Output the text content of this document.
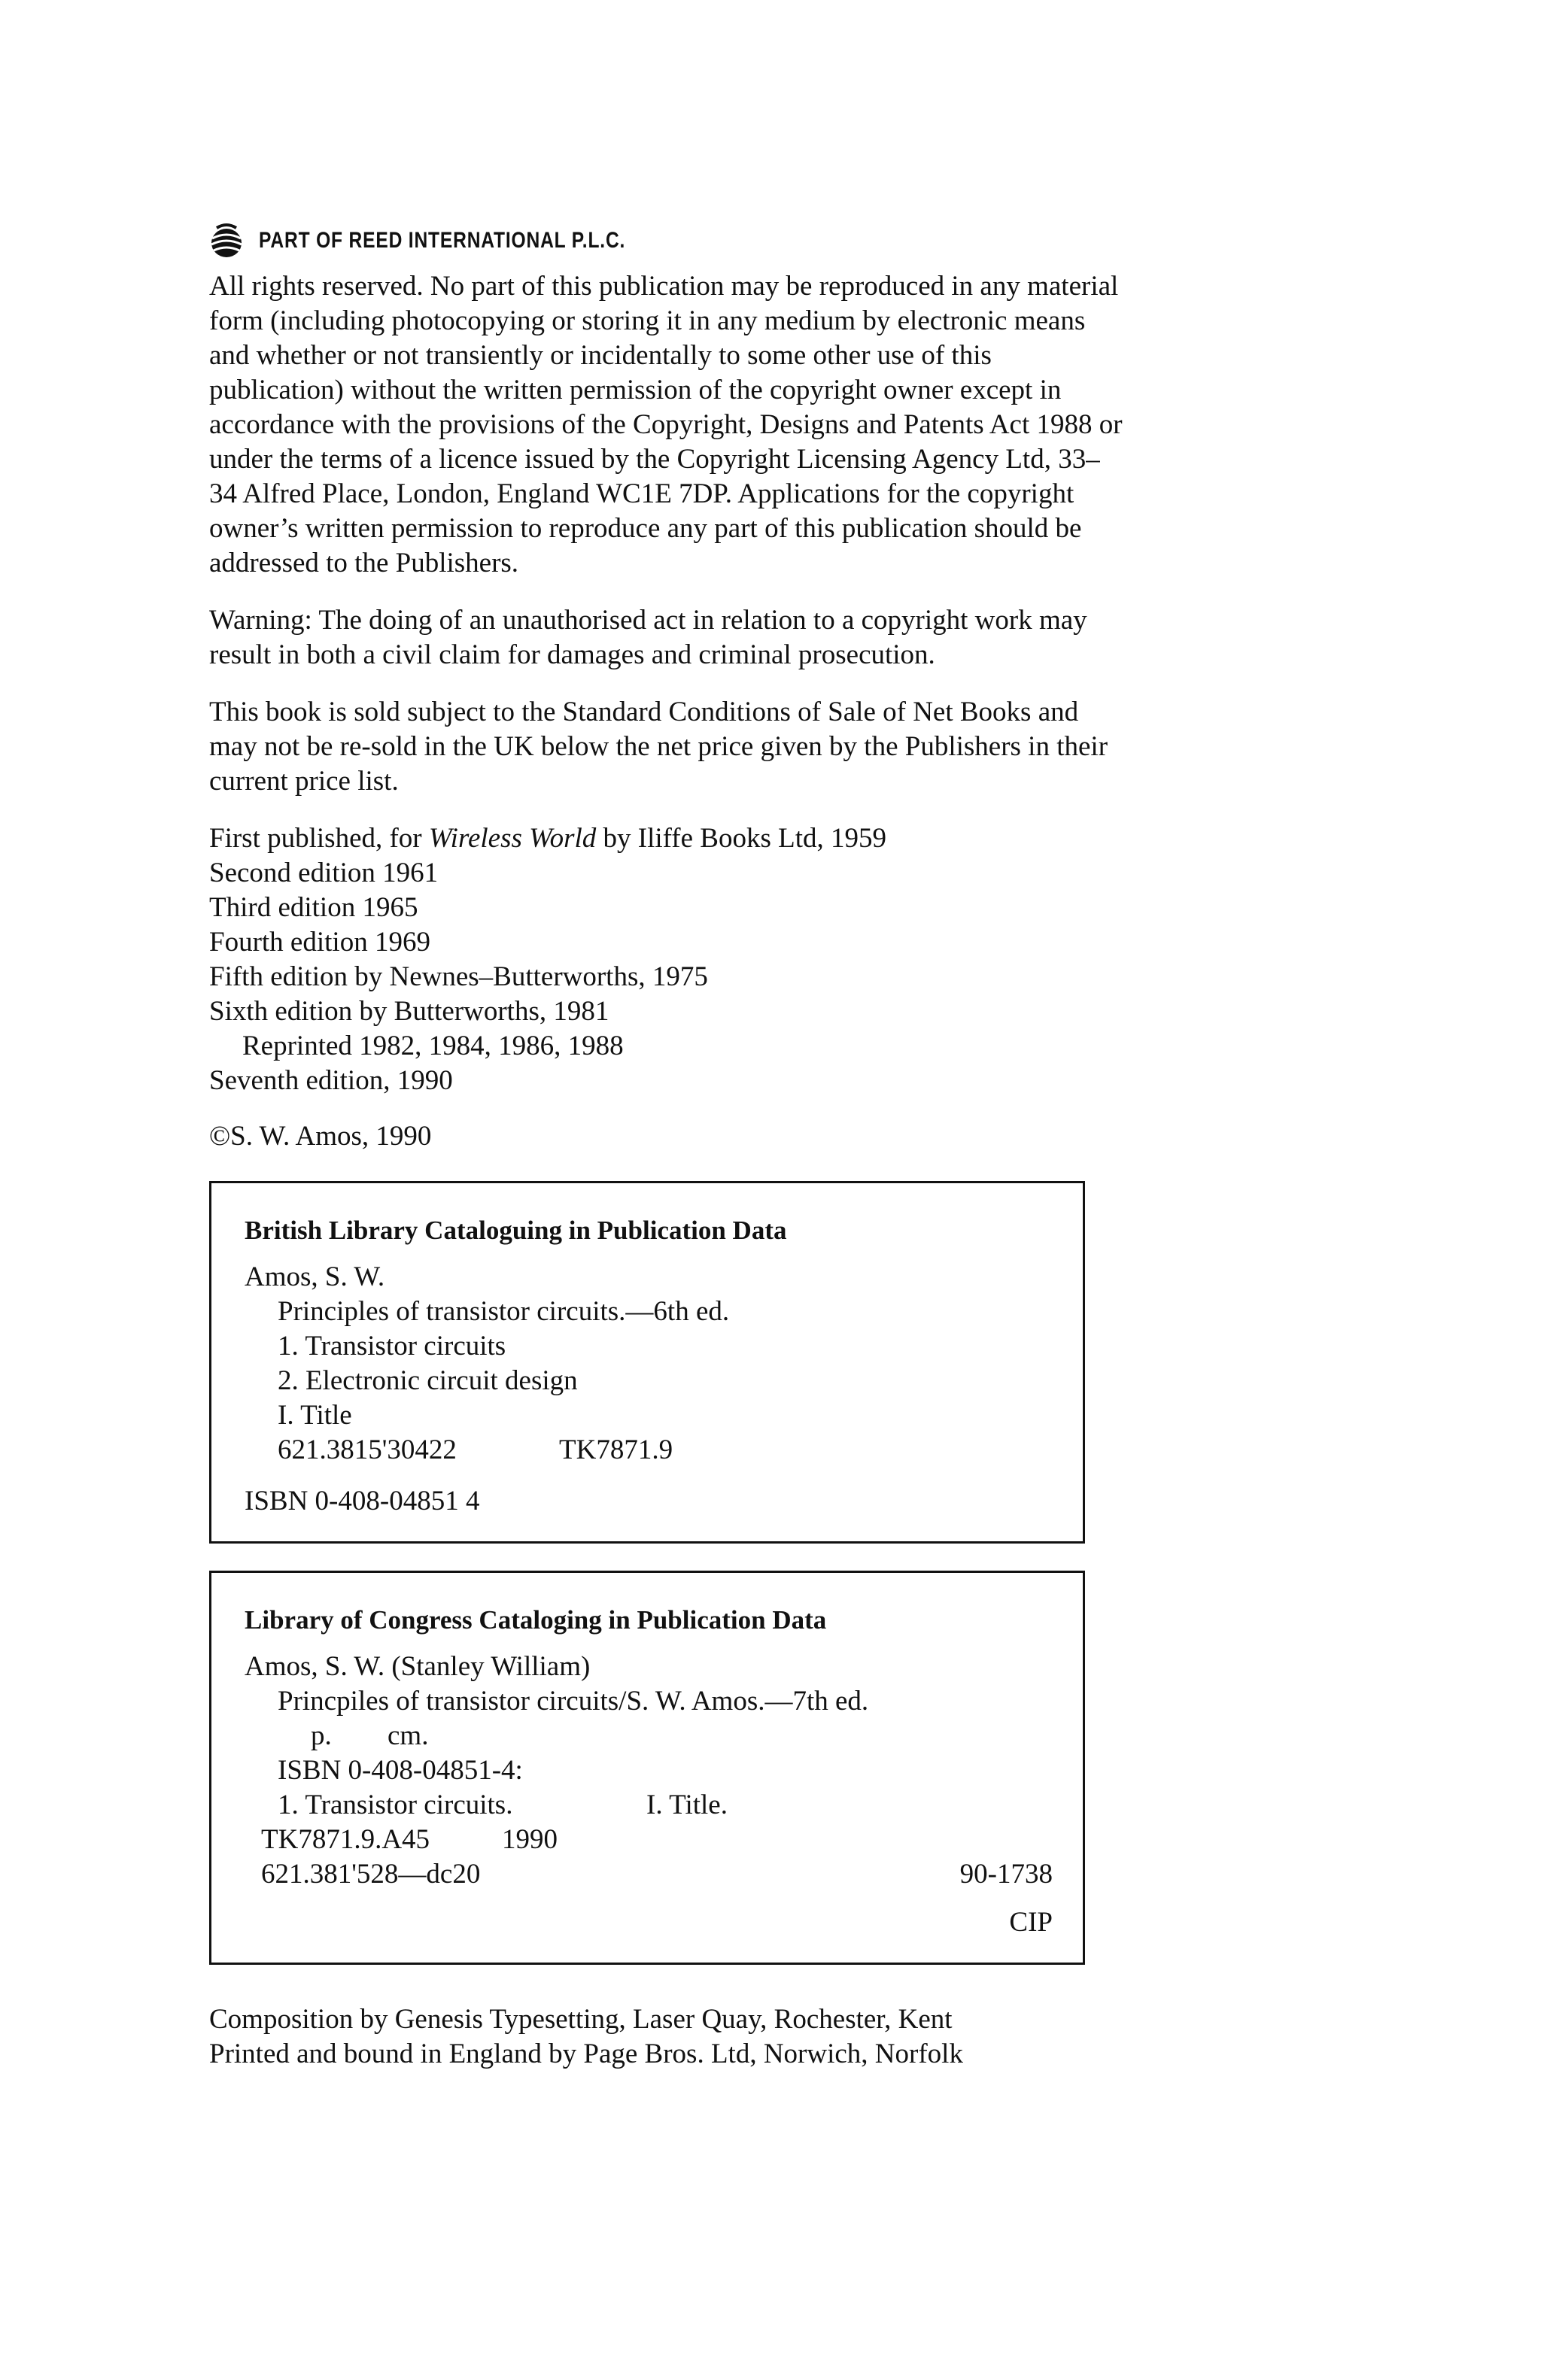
PART OF REED INTERNATIONAL P.L.C.

All rights reserved. No part of this publication may be reproduced in any material form (including photocopying or storing it in any medium by electronic means and whether or not transiently or incidentally to some other use of this publication) without the written permission of the copyright owner except in accordance with the provisions of the Copyright, Designs and Patents Act 1988 or under the terms of a licence issued by the Copyright Licensing Agency Ltd, 33–34 Alfred Place, London, England WC1E 7DP. Applications for the copyright owner’s written permission to reproduce any part of this publication should be addressed to the Publishers.

Warning: The doing of an unauthorised act in relation to a copyright work may result in both a civil claim for damages and criminal prosecution.

This book is sold subject to the Standard Conditions of Sale of Net Books and may not be re-sold in the UK below the net price given by the Publishers in their current price list.

First published, for Wireless World by Iliffe Books Ltd, 1959
Second edition 1961
Third edition 1965
Fourth edition 1969
Fifth edition by Newnes–Butterworths, 1975
Sixth edition by Butterworths, 1981
Reprinted 1982, 1984, 1986, 1988
Seventh edition, 1990
©S. W. Amos, 1990
British Library Cataloguing in Publication Data
Amos, S. W.
Principles of transistor circuits.—6th ed.
1. Transistor circuits
2. Electronic circuit design
I. Title
621.3815'30422	TK7871.9
ISBN 0-408-04851 4
Library of Congress Cataloging in Publication Data
Amos, S. W. (Stanley William)
Princpiles of transistor circuits/S. W. Amos.—7th ed.
p.	cm.
ISBN 0-408-04851-4:
1. Transistor circuits.	I. Title.
TK7871.9.A45	1990
621.381'528—dc20	90-1738
CIP
Composition by Genesis Typesetting, Laser Quay, Rochester, Kent
Printed and bound in England by Page Bros. Ltd, Norwich, Norfolk
